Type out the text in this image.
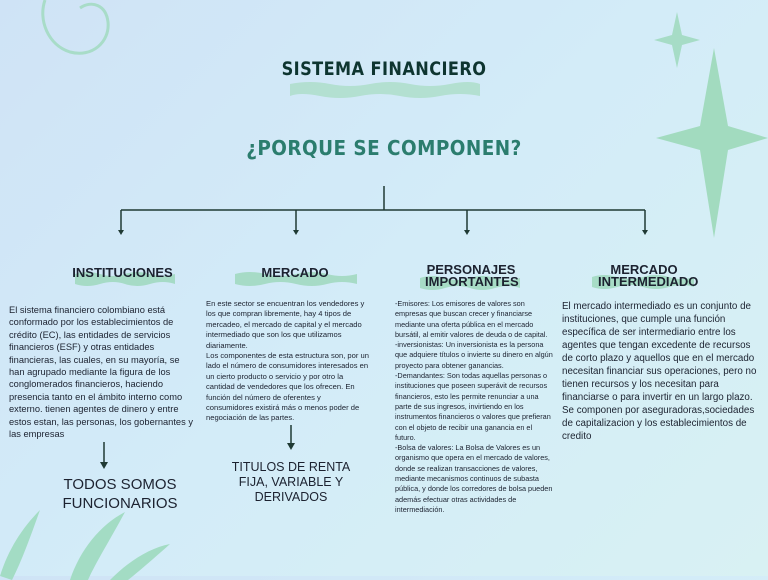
SISTEMA FINANCIERO
¿PORQUE SE COMPONEN?
INSTITUCIONES	MERCADO	PERSONAJES IMPORTANTES
MERCADO INTERMEDIADO

El sistema financiero colombiano está conformado por los establecimientos de crédito (EC), las entidades de servicios financieros (ESF) y otras entidades financieras, las cuales, en su mayoría, se han agrupado mediante la figura de los conglomerados financieros, haciendo presencia tanto en el ámbito interno como externo. tienen agentes de dinero y entre estos estan, las personas, los gobernantes y las empresas

En este sector se encuentran los vendedores y los que compran libremente, hay 4 tipos de mercadeo, el mercado de capital y el mercado intermediado que son los que utilizamos diariamente.

Los componentes de esta estructura son, por un lado el número de consumidores interesados en un cierto producto o servicio y por otro la cantidad de vendedores que los ofrecen. En función del número de oferentes y consumidores existirá más o menos poder de negociación de las partes.

-Emisores: Los emisores de valores son empresas que buscan crecer y financiarse mediante una oferta pública en el mercado bursátil, al emitir valores de deuda o de capital.

-inversionistas: Un inversionista es la persona que adquiere títulos o invierte su dinero en algún proyecto para obtener ganancias.

-Demandantes: Son todas aquellas personas o instituciones que poseen superávit de recursos financieros, esto les permite renunciar a una parte de sus ingresos, invirtiendo en los instrumentos financieros o valores que prefieran con el objeto de recibir una ganancia en el futuro.

-Bolsa de valores: La Bolsa de Valores es un organismo que opera en el mercado de valores, donde se realizan transacciones de valores, mediante mecanismos continuos de subasta pública, y donde los corredores de bolsa pueden además efectuar otras actividades de intermediación.

El mercado intermediado es un conjunto de instituciones, que cumple una función específica de ser intermediario entre los agentes que tengan excedente de recursos de corto plazo y aquellos que en el mercado necesitan financiar sus operaciones, pero no tienen recursos y los necesitan para financiarse o para invertir en un largo plazo.

Se componen por aseguradoras,sociedades de capitalizacion y los establecimientos de credito

TODOS SOMOS FUNCIONARIOS
TITULOS DE RENTA FIJA, VARIABLE Y DERIVADOS
